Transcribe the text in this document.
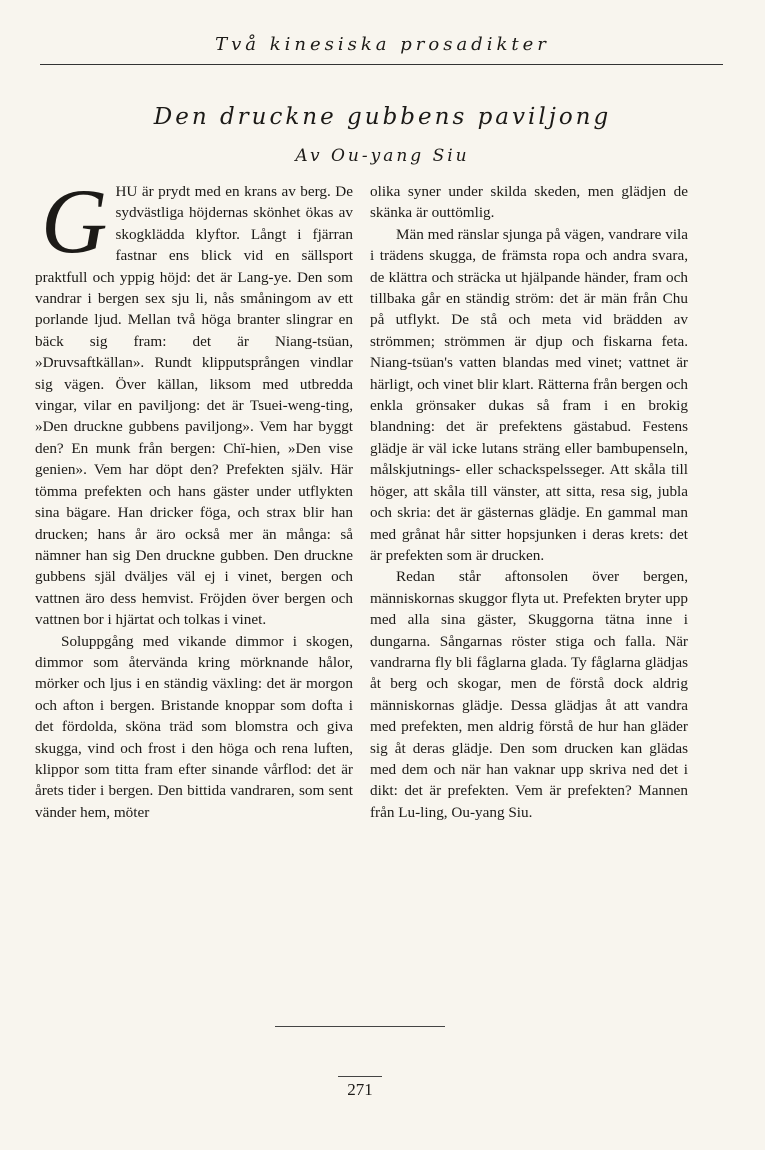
Två kinesiska prosadikter
Den druckne gubbens paviljong
Av Ou-yang Siu

GHU är prydt med en krans av berg. De sydvästliga höjdernas skönhet ökas av skogklädda klyftor. Långt i fjärran fastnar ens blick vid en sällsport praktfull och yppig höjd: det är Lang-ye. Den som vandrar i bergen sex sju li, nås småningom av ett porlande ljud. Mellan två höga branter slingrar en bäck sig fram: det är Niang-tsüan, »Druvsaftkällan». Rundt klipputsprången vindlar sig vägen. Över källan, liksom med utbredda vingar, vilar en paviljong: det är Tsuei-weng-ting, »Den druckne gubbens paviljong». Vem har byggt den? En munk från bergen: Chï-hien, »Den vise genien». Vem har döpt den? Prefekten själv. Här tömma prefekten och hans gäster under utflykten sina bägare. Han dricker föga, och strax blir han drucken; hans år äro också mer än många: så nämner han sig Den druckne gubben. Den druckne gubbens själ dväljes väl ej i vinet, bergen och vattnen äro dess hemvist. Fröjden över bergen och vattnen bor i hjärtat och tolkas i vinet.

Soluppgång med vikande dimmor i skogen, dimmor som återvända kring mörknande hålor, mörker och ljus i en ständig växling: det är morgon och afton i bergen. Bristande knoppar som dofta i det fördolda, sköna träd som blomstra och giva skugga, vind och frost i den höga och rena luften, klippor som titta fram efter sinande vårflod: det är årets tider i bergen. Den bittida vandraren, som sent vänder hem, möter

olika syner under skilda skeden, men glädjen de skänka är outtömlig.

Män med ränslar sjunga på vägen, vandrare vila i trädens skugga, de främsta ropa och andra svara, de klättra och sträcka ut hjälpande händer, fram och tillbaka går en ständig ström: det är män från Chu på utflykt. De stå och meta vid brädden av strömmen; strömmen är djup och fiskarna feta. Niang-tsüan's vatten blandas med vinet; vattnet är härligt, och vinet blir klart. Rätterna från bergen och enkla grönsaker dukas så fram i en brokig blandning: det är prefektens gästabud. Festens glädje är väl icke lutans sträng eller bambupenseln, målskjutnings- eller schackspelsseger. Att skåla till höger, att skåla till vänster, att sitta, resa sig, jubla och skria: det är gästernas glädje. En gammal man med grånat hår sitter hopsjunken i deras krets: det är prefekten som är drucken.

Redan står aftonsolen över bergen, människornas skuggor flyta ut. Prefekten bryter upp med alla sina gäster, Skuggorna tätna inne i dungarna. Sångarnas röster stiga och falla. När vandrarna fly bli fåglarna glada. Ty fåglarna glädjas åt berg och skogar, men de förstå dock aldrig människornas glädje. Dessa glädjas åt att vandra med prefekten, men aldrig förstå de hur han gläder sig åt deras glädje. Den som drucken kan glädas med dem och när han vaknar upp skriva ned det i dikt: det är prefekten. Vem är prefekten? Mannen från Lu-ling, Ou-yang Siu.

271
